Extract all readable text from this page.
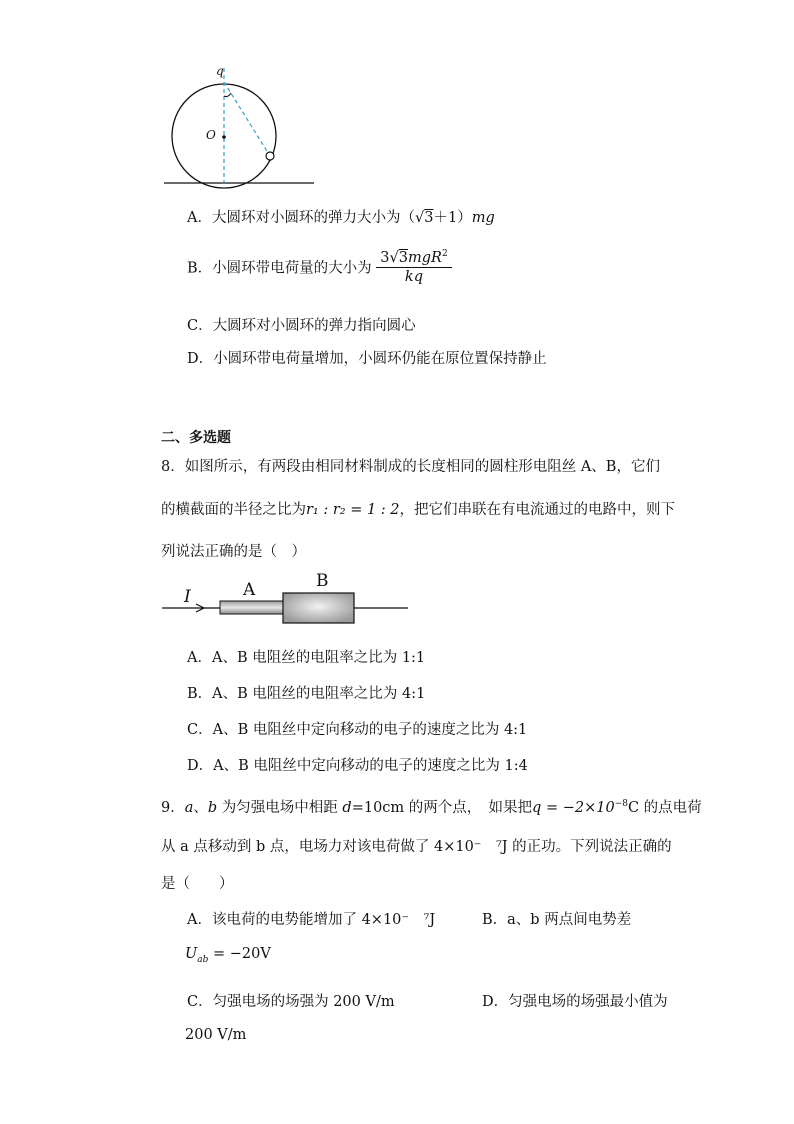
q
O
A．大圆环对小圆环的弹力大小为（√3＋1）mg
B．小圆环带电荷量的大小为 $\frac{3√3mgR^2}{kq}$
C．大圆环对小圆环的弹力指向圆心
D．小圆环带电荷量增加，小圆环仍能在原位置保持静止
二、多选题
8．如图所示，有两段由相同材料制成的长度相同的圆柱形电阻丝 A、B，它们
的横截面的半径之比为r₁ : r₂ = 1 : 2，把它们串联在有电流通过的电路中，则下
列说法正确的是（　）
I	A	B
A．A、B 电阻丝的电阻率之比为 1:1
B．A、B 电阻丝的电阻率之比为 4:1
C．A、B 电阻丝中定向移动的电子的速度之比为 4:1
D．A、B 电阻丝中定向移动的电子的速度之比为 1:4
9．a、b 为匀强电场中相距 d=10cm 的两个点，　如果把$q = -2\times 10^{-8}C$ 的点电荷
从 a 点移动到 b 点，电场力对该电荷做了 4×10⁻　⁷J 的正功。下列说法正确的
是（　　）
A．该电荷的电势能增加了 4×10⁻　⁷J	B．a、b 两点间电势差
$U_{ab} = -20V$
C．匀强电场的场强为 200 V/m	D．匀强电场的场强最小值为
200 V/m
